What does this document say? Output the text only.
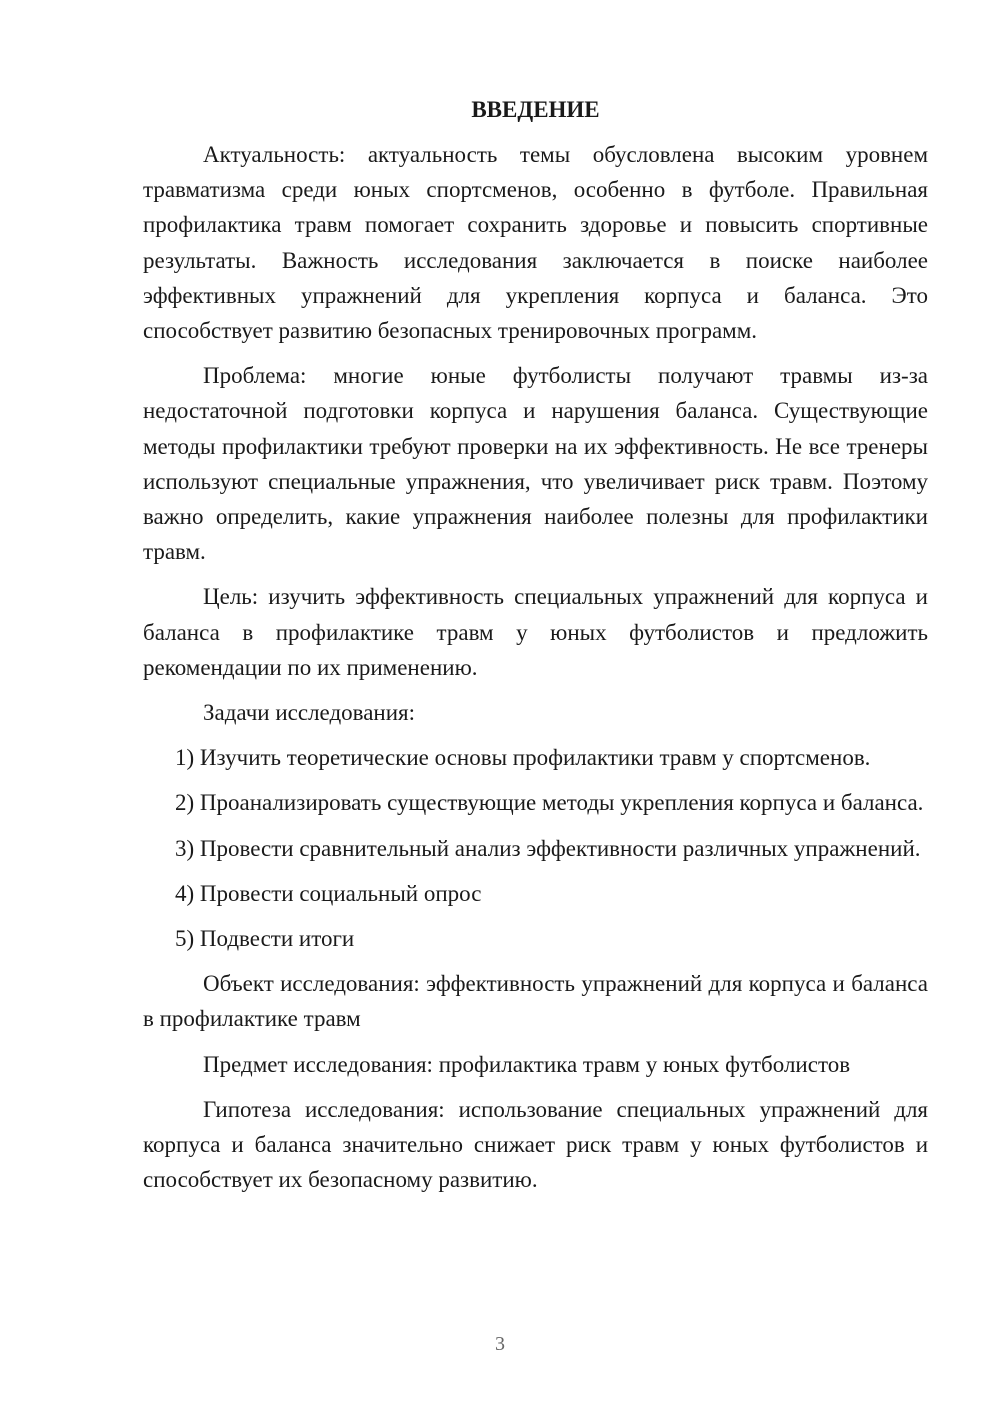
ВВЕДЕНИЕ

Актуальность: актуальность темы обусловлена высоким уровнем травматизма среди юных спортсменов, особенно в футболе. Правильная профилактика травм помогает сохранить здоровье и повысить спортивные результаты. Важность исследования заключается в поиске наиболее эффективных упражнений для укрепления корпуса и баланса. Это способствует развитию безопасных тренировочных программ.

Проблема: многие юные футболисты получают травмы из-за недостаточной подготовки корпуса и нарушения баланса. Существующие методы профилактики требуют проверки на их эффективность. Не все тренеры используют специальные упражнения, что увеличивает риск травм. Поэтому важно определить, какие упражнения наиболее полезны для профилактики травм.

Цель: изучить эффективность специальных упражнений для корпуса и баланса в профилактике травм у юных футболистов и предложить рекомендации по их применению.

Задачи исследования:

1) Изучить теоретические основы профилактики травм у спортсменов.

2) Проанализировать существующие методы укрепления корпуса и баланса.

3) Провести сравнительный анализ эффективности различных упражнений.

4) Провести социальный опрос

5) Подвести итоги

Объект исследования: эффективность упражнений для корпуса и баланса в профилактике травм

Предмет исследования: профилактика травм у юных футболистов

Гипотеза исследования: использование специальных упражнений для корпуса и баланса значительно снижает риск травм у юных футболистов и способствует их безопасному развитию.

3
